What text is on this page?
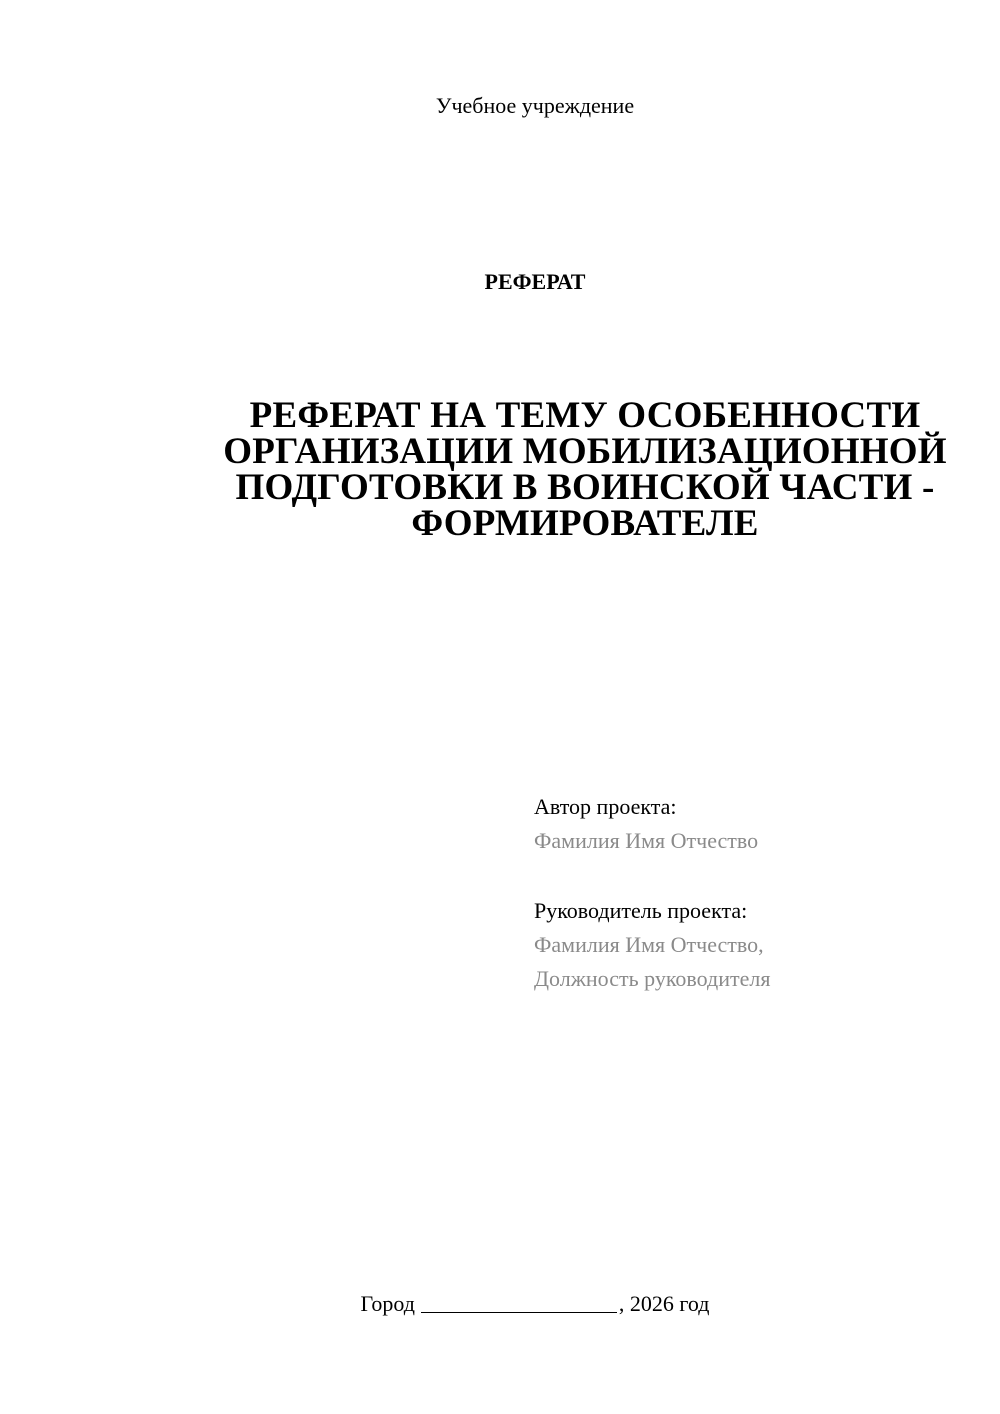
Учебное учреждение
РЕФЕРАТ
РЕФЕРАТ НА ТЕМУ ОСОБЕННОСТИ
ОРГАНИЗАЦИИ МОБИЛИЗАЦИОННОЙ
ПОДГОТОВКИ В ВОИНСКОЙ ЧАСТИ -
ФОРМИРОВАТЕЛЕ
Автор проекта:
Фамилия Имя Отчество
Руководитель проекта:
Фамилия Имя Отчество,
Должность руководителя
Город	, 2026 год
